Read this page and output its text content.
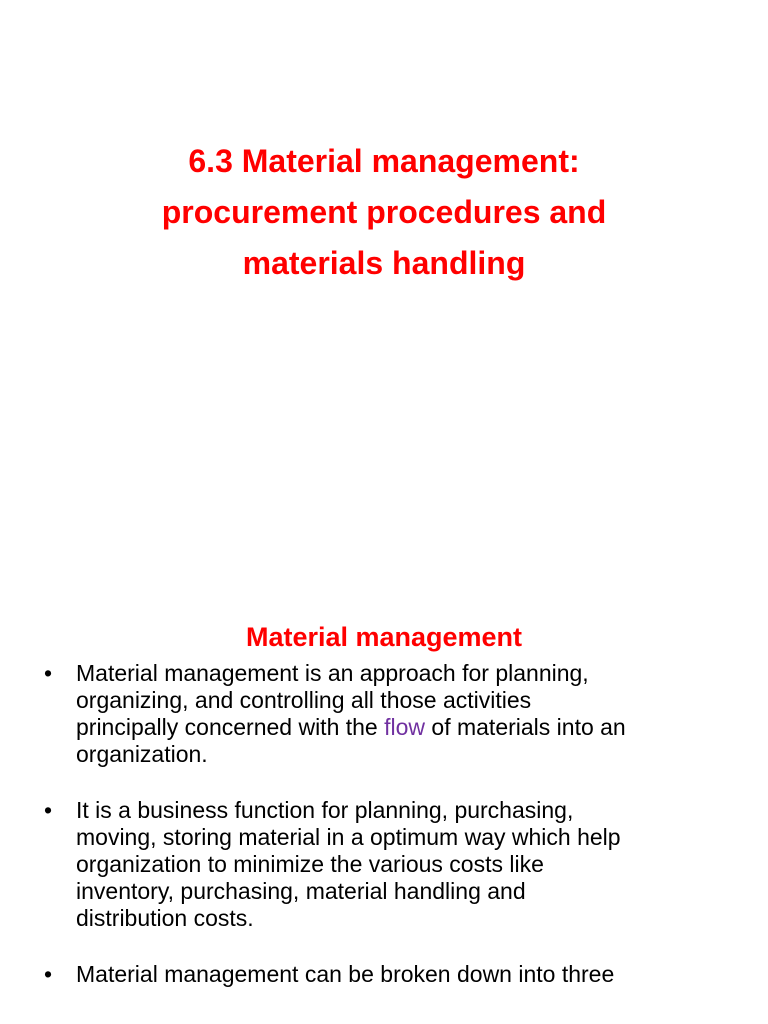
6.3 Material management:
procurement procedures and
materials handling
Material management
• Material management is an approach for planning,
organizing, and controlling all those activities
principally concerned with the flow of materials into an
organization.
• It is a business function for planning, purchasing,
moving, storing material in a optimum way which help
organization to minimize the various costs like
inventory, purchasing, material handling and
distribution costs.
• Material management can be broken down into three
